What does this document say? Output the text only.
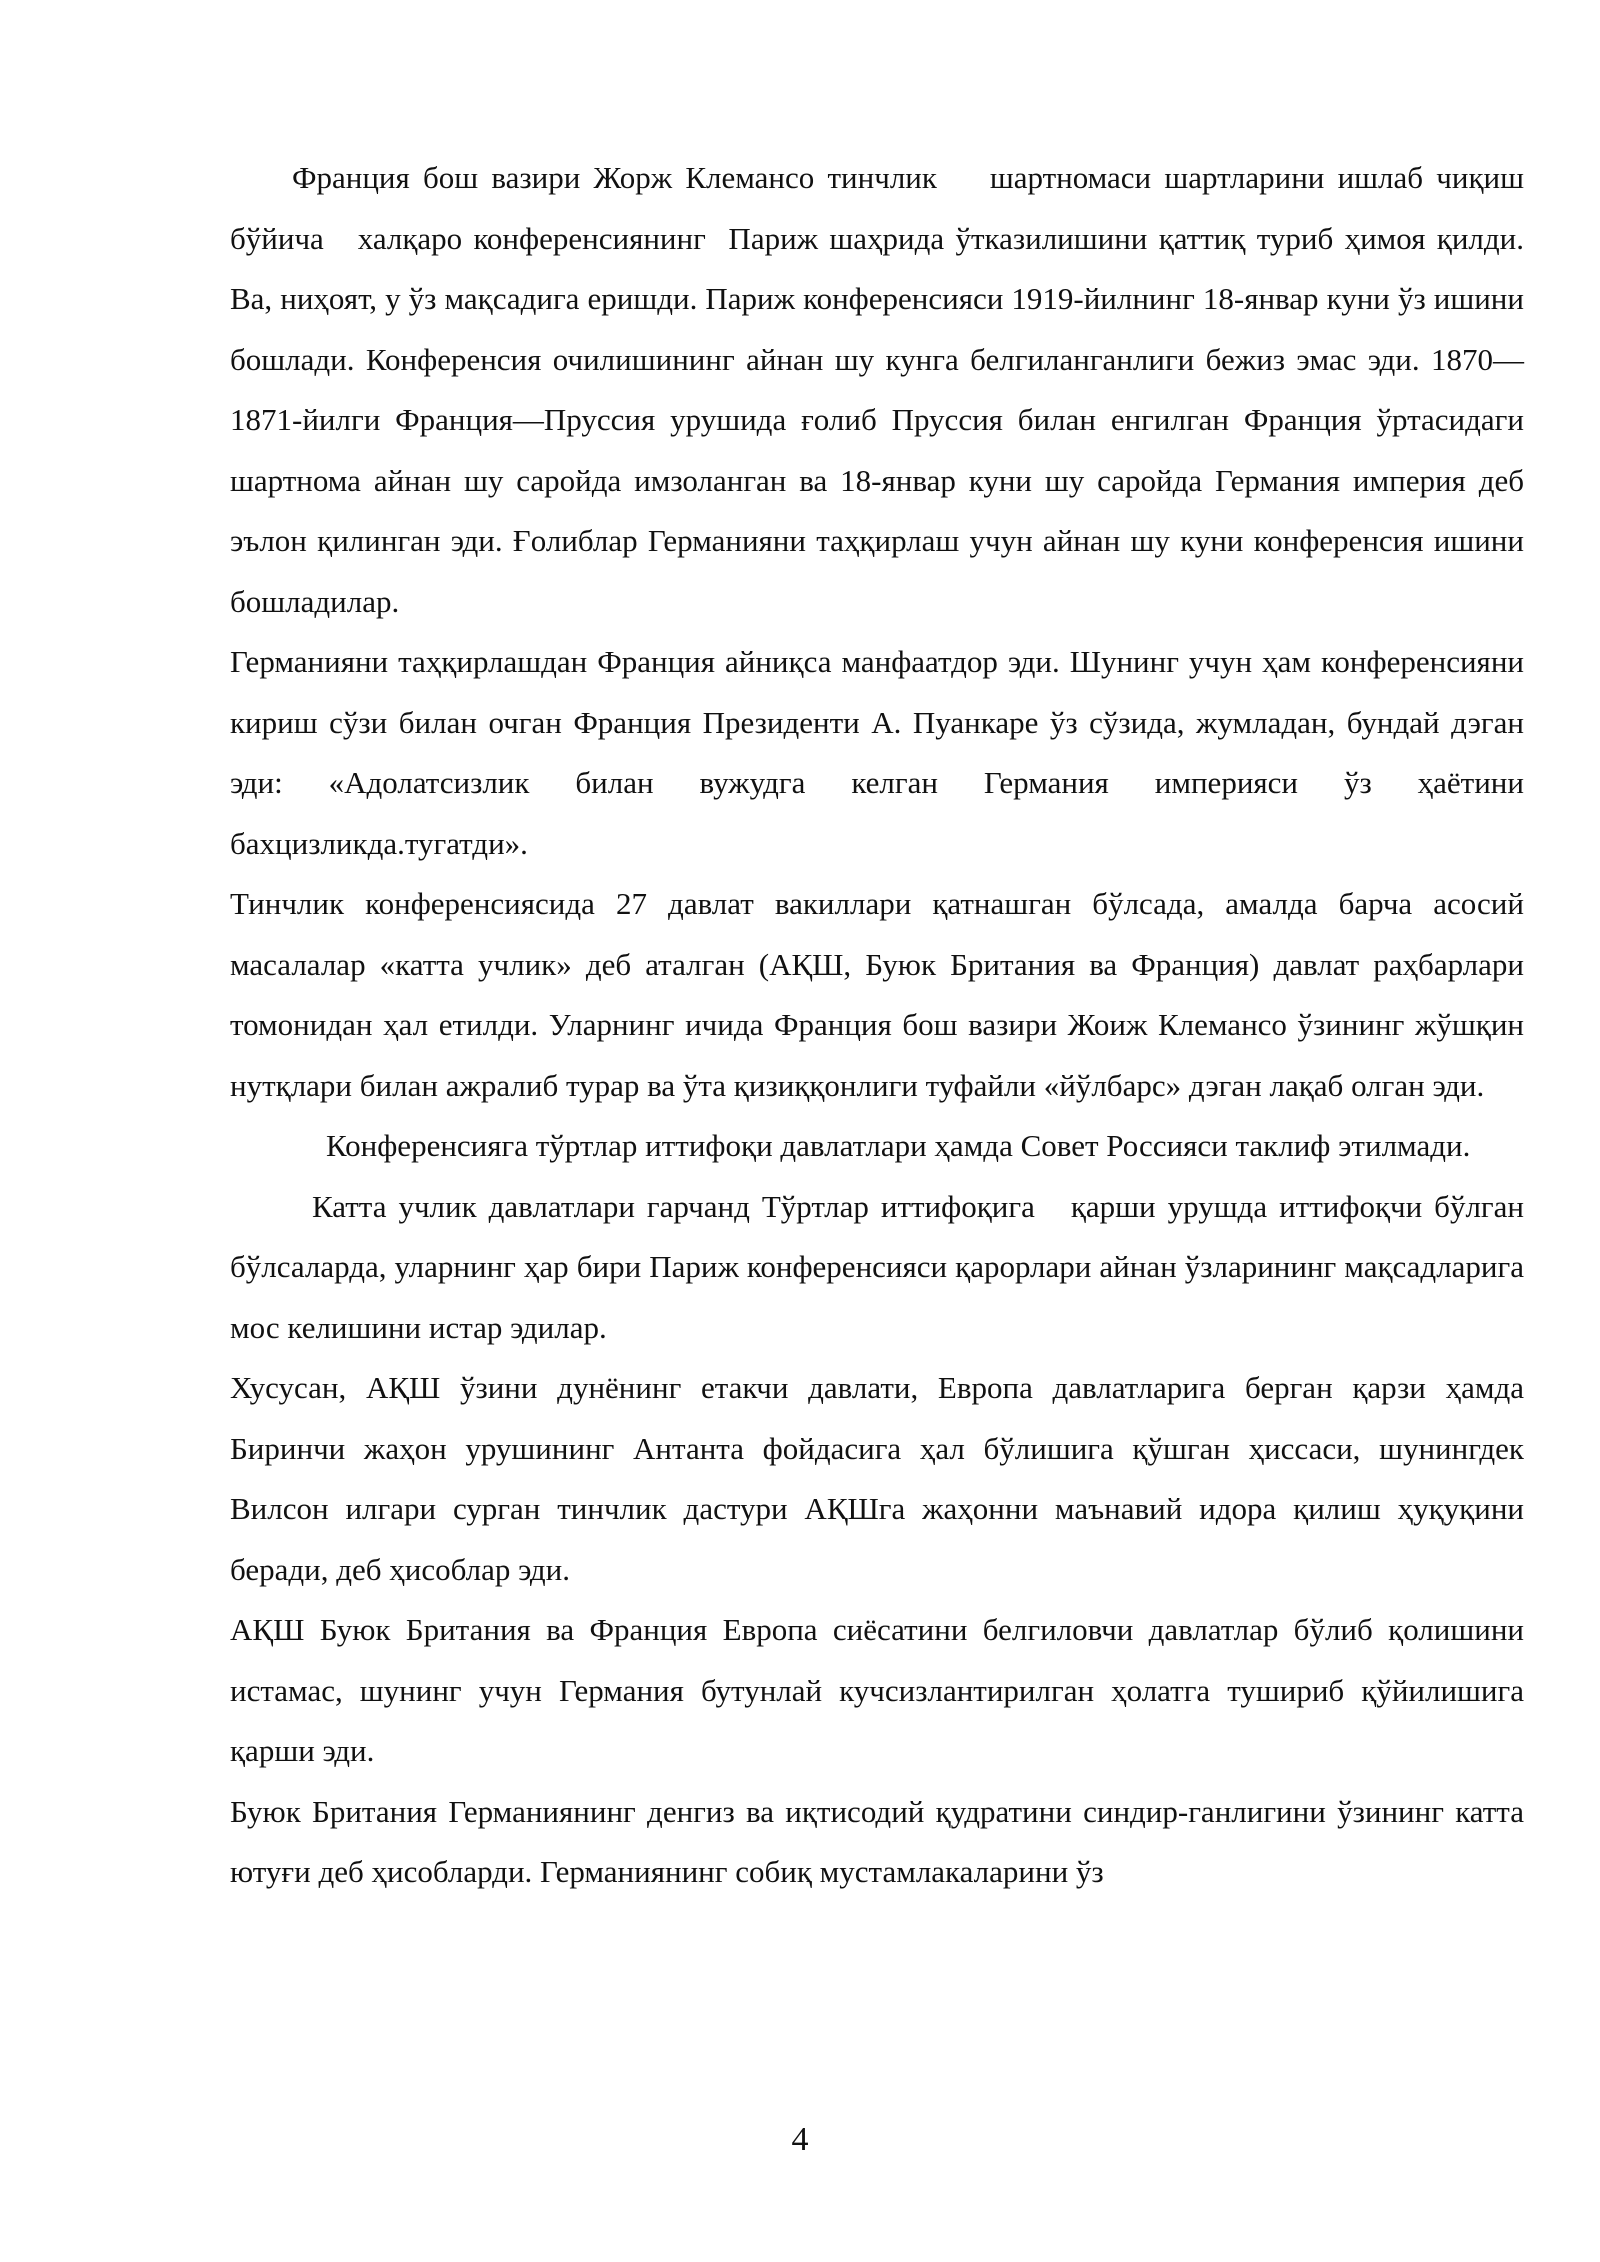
Франция бош вазири Жорж Клемансо тинчлик    шартномаси шартларини ишлаб чиқиш бўйича   халқаро конференсиянинг  Париж шаҳрида ўтказилишини қаттиқ туриб ҳимоя қилди. Ва, ниҳоят, у ўз мақсадига еришди. Париж конференсияси 1919-йилнинг 18-январ куни ўз ишини бошлади. Конференсия очилишининг айнан шу кунга белгиланганлиги бежиз эмас эди. 1870— 1871-йилги Франция—Пруссия урушида ғолиб Пруссия билан енгилган Франция ўртасидаги шартнома айнан шу саройда имзоланган ва 18-январ куни шу саройда Германия империя деб эълон қилинган эди. Ғолиблар Германияни таҳқирлаш учун айнан шу куни конференсия ишини бошладилар.

Германияни таҳқирлашдан Франция айниқса манфаатдор эди. Шунинг учун ҳам конференсияни кириш сўзи билан очган Франция Президенти А. Пуанкаре ўз сўзида, жумладан, бундай дэган эди: «Адолатсизлик билан вужудга келган Германия империяси ўз ҳаётини бахцизликда.тугатди».

Тинчлик конференсиясида 27 давлат вакиллари қатнашган бўлсада, амалда барча асосий масалалар «катта учлик» деб аталган (АҚШ, Буюк Британия ва Франция) давлат раҳбарлари томонидан ҳал етилди. Уларнинг ичида Франция бош вазири Жоиж Клемансо ўзининг жўшқин нутқлари билан ажралиб турар ва ўта қизиққонлиги туфайли «йўлбарс» дэган лақаб олган эди.

Конференсияга тўртлар иттифоқи давлатлари ҳамда Совет Россияси таклиф этилмади.

Катта учлик давлатлари гарчанд Тўртлар иттифоқига   қарши урушда иттифоқчи бўлган бўлсаларда, уларнинг ҳар бири Париж конференсияси қарорлари айнан ўзларининг мақсадларига мос келишини истар эдилар.

Хусусан, АҚШ ўзини дунёнинг етакчи давлати, Европа давлатларига берган қарзи ҳамда Биринчи жаҳон урушининг Антанта фойдасига ҳал бўлишига қўшган ҳиссаси, шунингдек Вилсон илгари сурган тинчлик дастури АҚШга жаҳонни маънавий идора қилиш ҳуқуқини беради, деб ҳисоблар эди.

АҚШ Буюк Британия ва Франция Европа сиёсатини белгиловчи давлатлар бўлиб қолишини истамас, шунинг учун Германия бутунлай кучсизлантирилган ҳолатга тушириб қўйилишига қарши эди.

Буюк Британия Германиянинг денгиз ва иқтисодий қудратини синдир-ганлигини ўзининг катта ютуғи деб ҳисобларди. Германиянинг собиқ мустамлакаларини ўз

4
